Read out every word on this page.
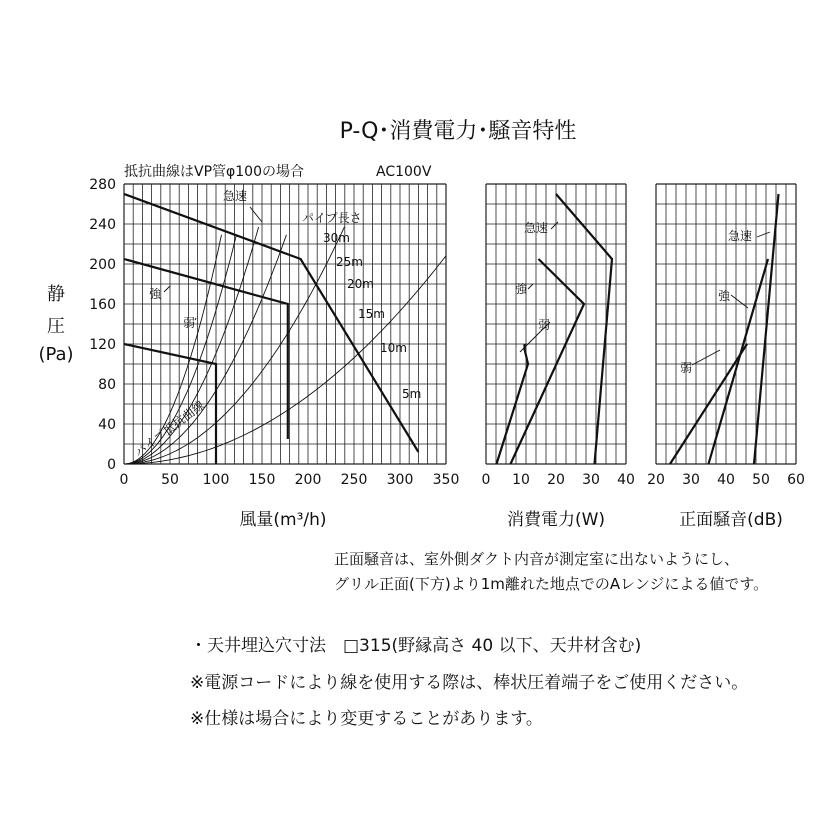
P-Q･消費電力･騒音特性
抵抗曲線はVP管φ100の場合	AC100V
静
圧
(Pa)
0 50 100 150 200 250 300 350
0
40
80
120
160
200
240
280
風量(m³/h)
30m
25m
20m
15m
10m
5m
パイプ長さ
パイプ抵抗曲線
急速
強
弱
0 10 20 30 40
消費電力(W)
急速
強
弱
20 30 40 50 60
正面騒音(dB)
急速
強
弱
正面騒音は、室外側ダクト内音が測定室に出ないようにし、
グリル正面(下方)より1m離れた地点でのAレンジによる値です。
・天井埋込穴寸法　□315(野縁高さ 40 以下、天井材含む)
※電源コードにより線を使用する際は、棒状圧着端子をご使用ください。
※仕様は場合により変更することがあります。
